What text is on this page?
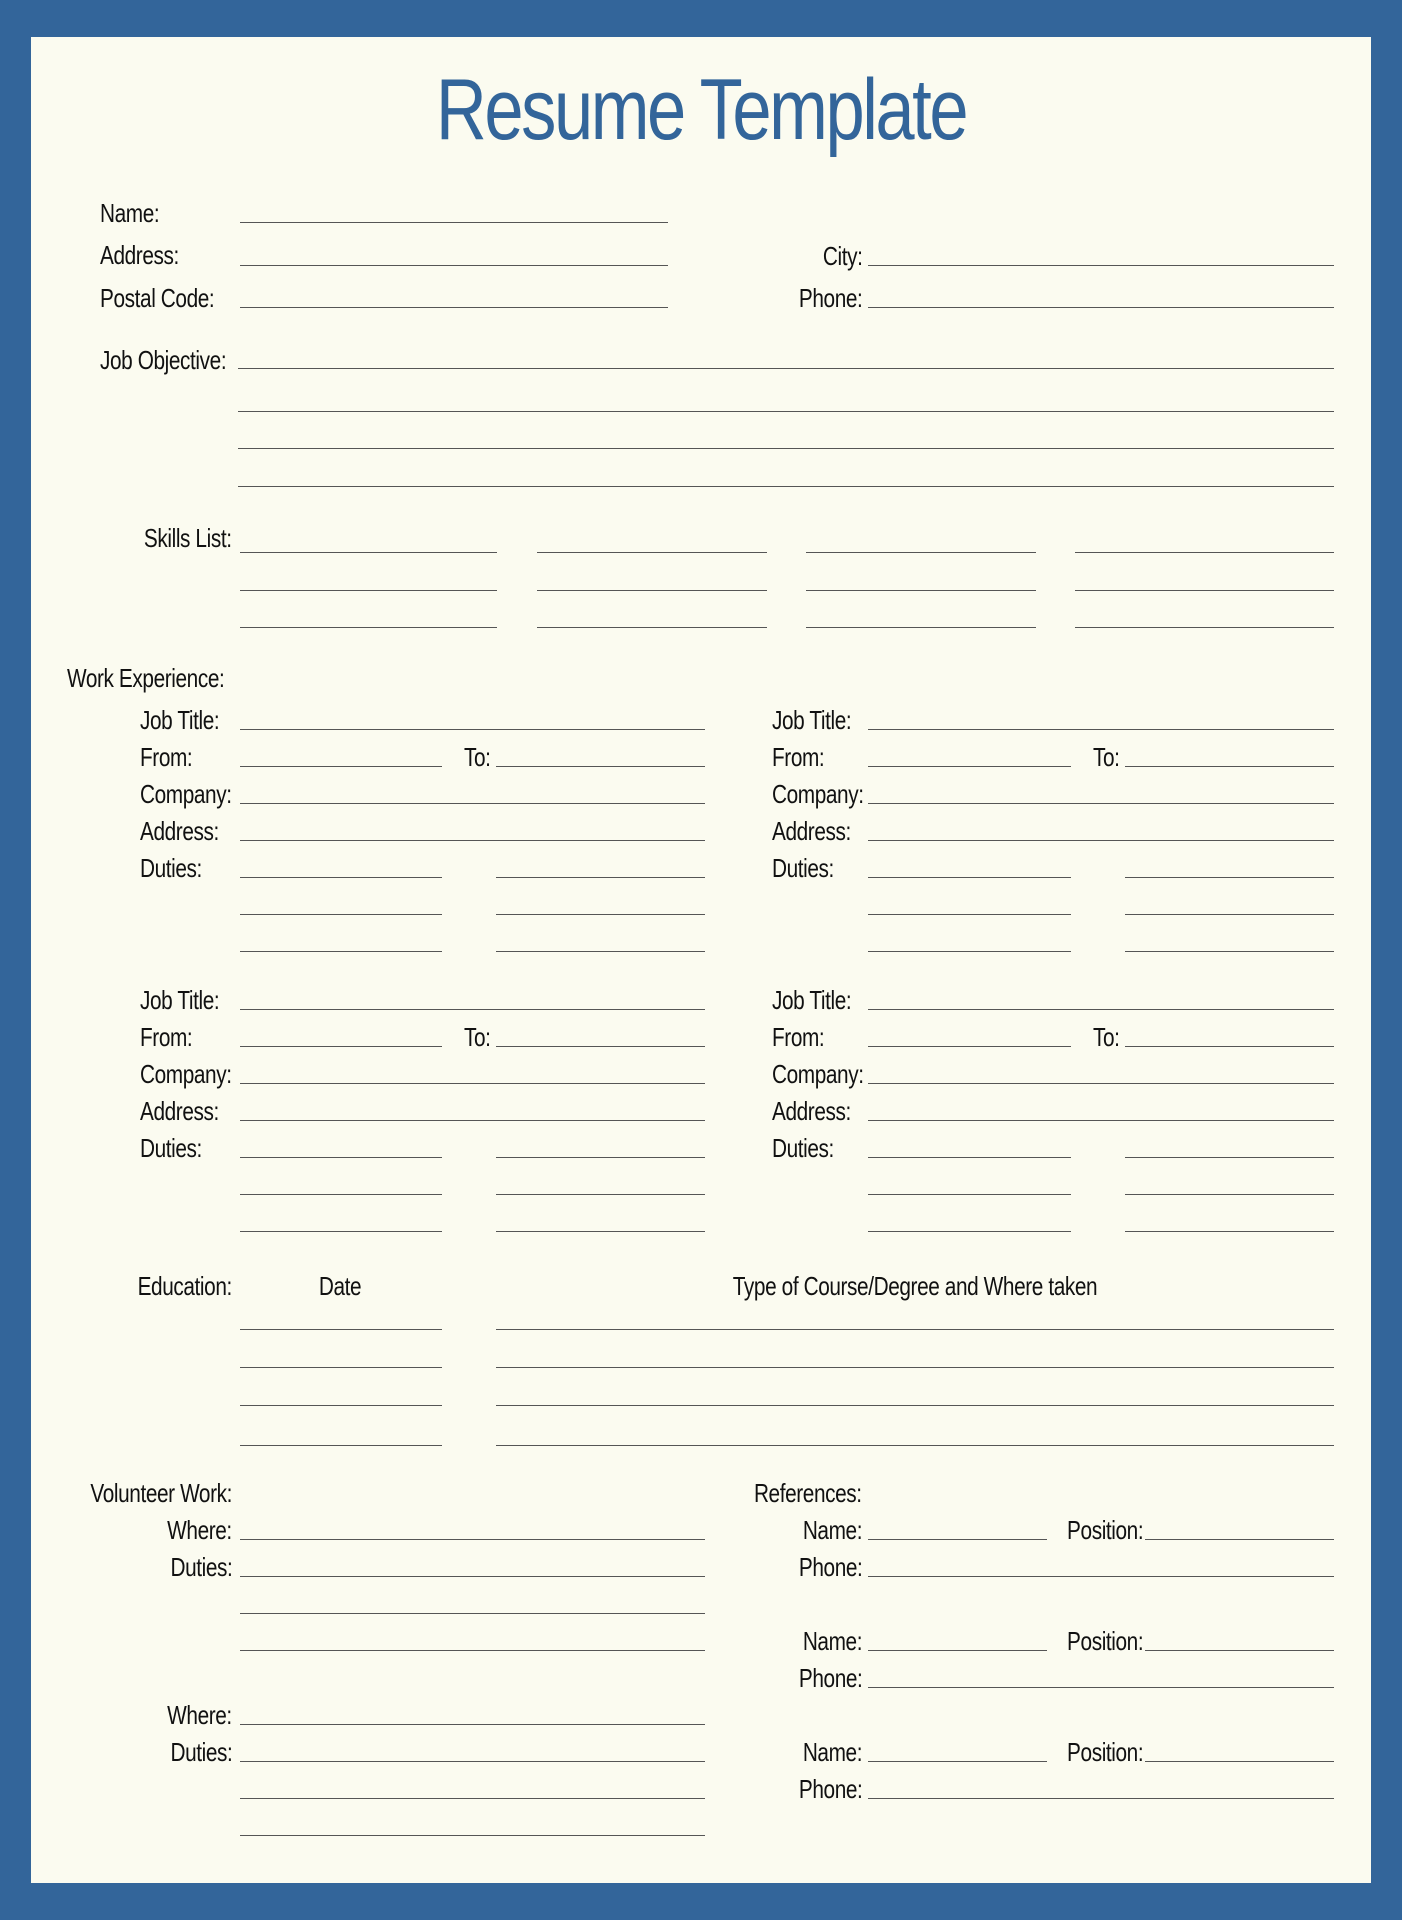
Resume Template
Name:
Address:
Postal Code:
City:
Phone:
Job Objective:
Skills List:
Work Experience:
Job Title:
From:	To:
Company:
Address:
Duties:
Job Title:
From:	To:
Company:
Address:
Duties:
Job Title:
From:	To:
Company:
Address:
Duties:
Job Title:
From:	To:
Company:
Address:
Duties:
Education:	Date	Type of Course/Degree and Where taken
Volunteer Work:
Where:
Duties:
Where:
Duties:
References:
Name:	Position:
Phone:
Name:	Position:
Phone:
Name:	Position:
Phone:
